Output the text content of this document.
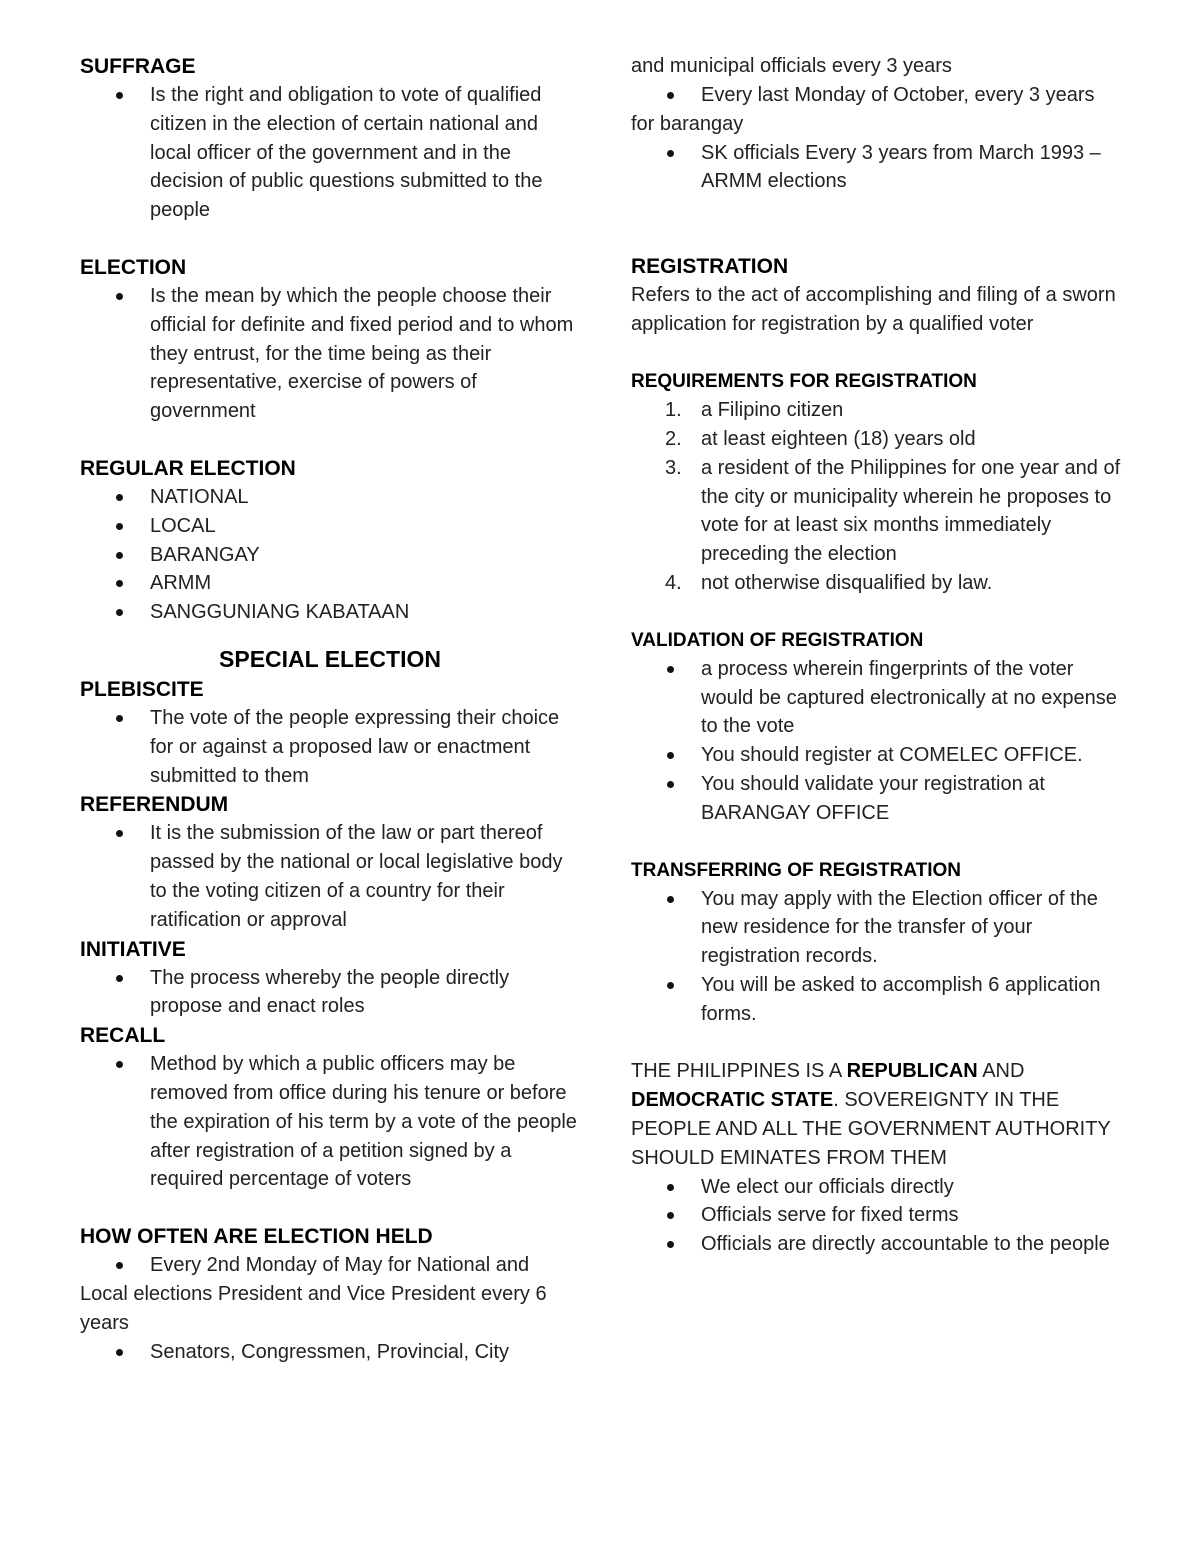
SUFFRAGE

Is the right and obligation to vote of qualified citizen in the election of certain national and local officer of the government and in the decision of public questions submitted to the people

ELECTION

Is the mean by which the people choose their official for definite and fixed period and to whom they entrust, for the time being as their representative, exercise of powers of government

REGULAR ELECTION

NATIONAL
LOCAL
BARANGAY
ARMM
SANGGUNIANG KABATAAN

SPECIAL ELECTION

PLEBISCITE

The vote of the people expressing their choice for or against a proposed law or enactment submitted to them

REFERENDUM

It is the submission of the law or part thereof passed by the national or local legislative body to the voting citizen of a country for their ratification or approval

INITIATIVE

The process whereby the people directly propose and enact roles

RECALL

Method by which a public officers may be removed from office during his tenure or before the expiration of his term by a vote of the people after registration of a petition signed by a required percentage of voters

HOW OFTEN ARE ELECTION HELD

Every 2nd Monday of May for National and Local elections President and Vice President every 6 years
Senators, Congressmen, Provincial, City

and municipal officials every 3 years

Every last Monday of October, every 3 years for barangay
SK officials Every 3 years from March 1993 – ARMM elections

REGISTRATION

Refers to the act of accomplishing and filing of a sworn application for registration by a qualified voter

REQUIREMENTS FOR REGISTRATION

1. a Filipino citizen
2. at least eighteen (18) years old
3. a resident of the Philippines for one year and of the city or municipality wherein he proposes to vote for at least six months immediately preceding the election
4. not otherwise disqualified by law.

VALIDATION OF REGISTRATION

a process wherein fingerprints of the voter would be captured electronically at no expense to the vote
You should register at COMELEC OFFICE.
You should validate your registration at BARANGAY OFFICE

TRANSFERRING OF REGISTRATION

You may apply with the Election officer of the new residence for the transfer of your registration records.
You will be asked to accomplish 6 application forms.

THE PHILIPPINES IS A REPUBLICAN AND DEMOCRATIC STATE. SOVEREIGNTY IN THE PEOPLE AND ALL THE GOVERNMENT AUTHORITY SHOULD EMINATES FROM THEM

We elect our officials directly
Officials serve for fixed terms
Officials are directly accountable to the people
